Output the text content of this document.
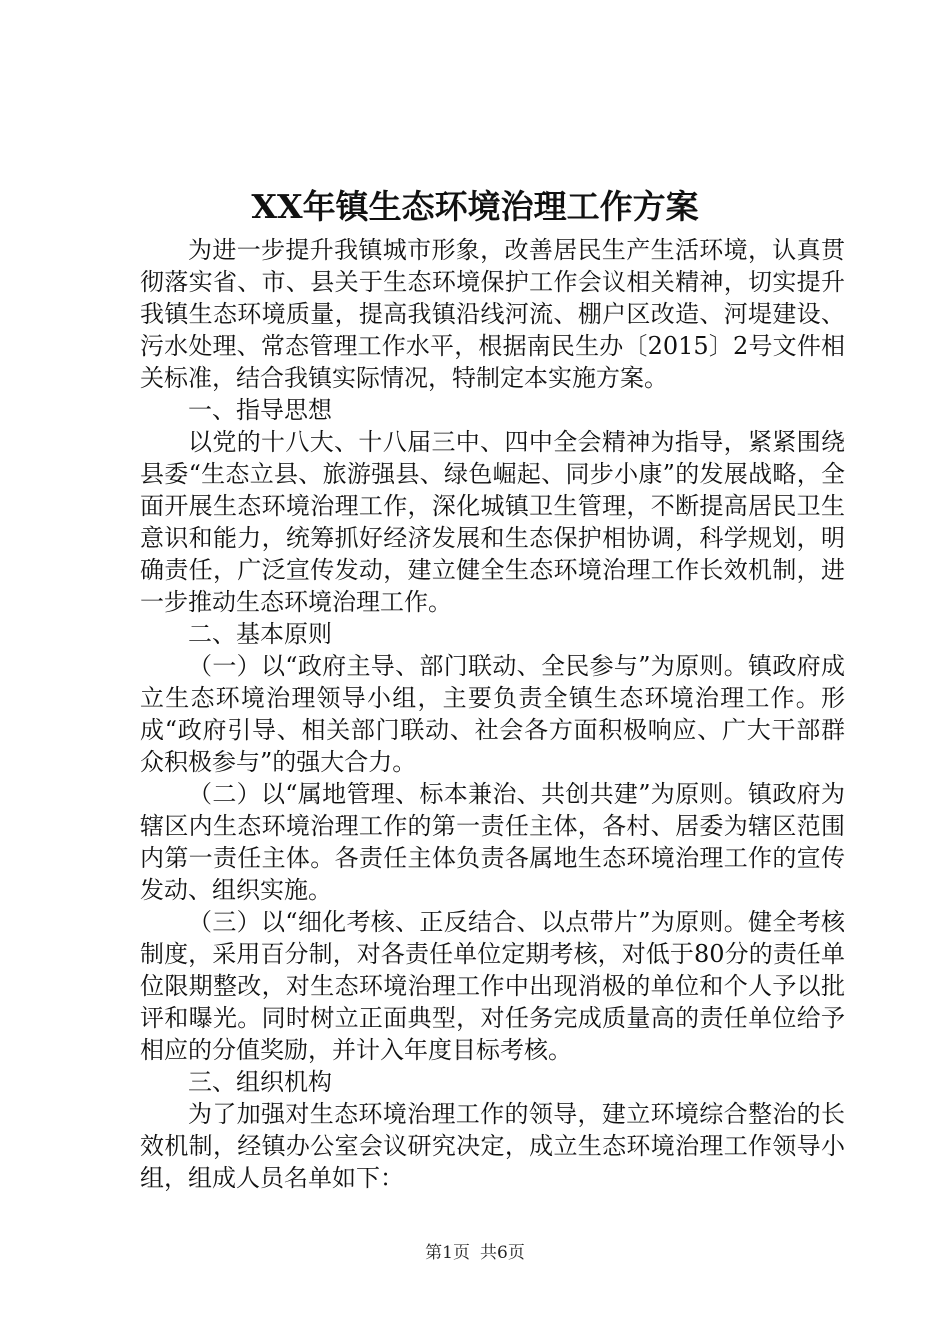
XX年镇生态环境治理工作方案

为进一步提升我镇城市形象，改善居民生产生活环境，认真贯彻落实省、市、县关于生态环境保护工作会议相关精神，切实提升我镇生态环境质量，提高我镇沿线河流、棚户区改造、河堤建设、污水处理、常态管理工作水平，根据南民生办〔2015〕2号文件相关标准，结合我镇实际情况，特制定本实施方案。

一、指导思想

以党的十八大、十八届三中、四中全会精神为指导，紧紧围绕县委“生态立县、旅游强县、绿色崛起、同步小康”的发展战略，全面开展生态环境治理工作，深化城镇卫生管理，不断提高居民卫生意识和能力，统筹抓好经济发展和生态保护相协调，科学规划，明确责任，广泛宣传发动，建立健全生态环境治理工作长效机制，进一步推动生态环境治理工作。

二、基本原则

（一）以“政府主导、部门联动、全民参与”为原则。镇政府成立生态环境治理领导小组，主要负责全镇生态环境治理工作。形成“政府引导、相关部门联动、社会各方面积极响应、广大干部群众积极参与”的强大合力。

（二）以“属地管理、标本兼治、共创共建”为原则。镇政府为辖区内生态环境治理工作的第一责任主体，各村、居委为辖区范围内第一责任主体。各责任主体负责各属地生态环境治理工作的宣传发动、组织实施。

（三）以“细化考核、正反结合、以点带片”为原则。健全考核制度，采用百分制，对各责任单位定期考核，对低于80分的责任单位限期整改，对生态环境治理工作中出现消极的单位和个人予以批评和曝光。同时树立正面典型，对任务完成质量高的责任单位给予相应的分值奖励，并计入年度目标考核。

三、组织机构

为了加强对生态环境治理工作的领导，建立环境综合整治的长效机制，经镇办公室会议研究决定，成立生态环境治理工作领导小组，组成人员名单如下：

第1页 共6页
